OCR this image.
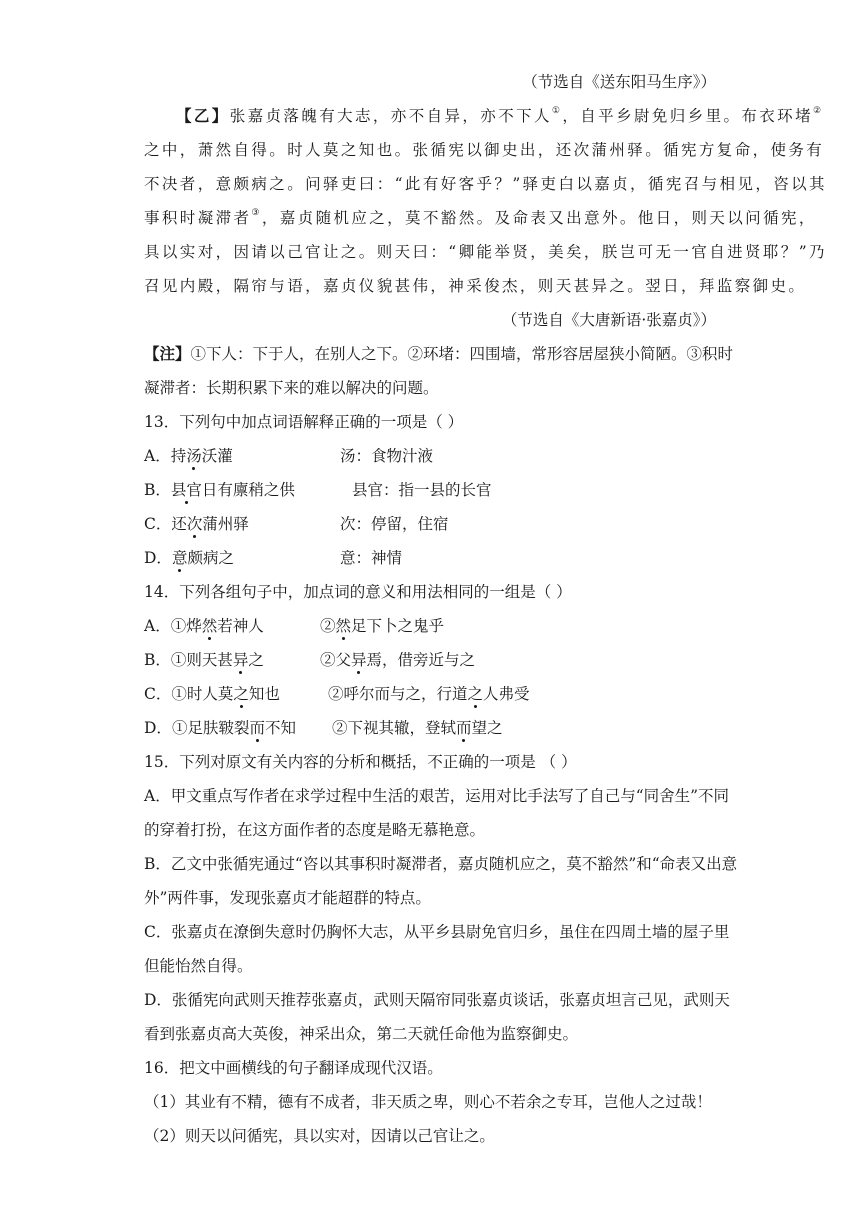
（节选自《送东阳马生序》）
【乙】张嘉贞落魄有大志，亦不自异，亦不下人①，自平乡尉免归乡里。布衣环堵②
之中，萧然自得。时人莫之知也。张循宪以御史出，还次蒲州驿。循宪方复命，使务有
不决者，意颇病之。问驿吏曰：“此有好客乎？”驿吏白以嘉贞，循宪召与相见，咨以其
事积时凝滞者③，嘉贞随机应之，莫不豁然。及命表又出意外。他日，则天以问循宪，
具以实对，因请以己官让之。则天曰：“卿能举贤，美矣，朕岂可无一官自进贤耶？”乃
召见内殿，隔帘与语，嘉贞仪貌甚伟，神采俊杰，则天甚异之。翌日，拜监察御史。
（节选自《大唐新语·张嘉贞》）
【注】①下人：下于人，在别人之下。②环堵：四围墙，常形容居屋狭小简陋。③积时
凝滞者：长期积累下来的难以解决的问题。
13．下列句中加点词语解释正确的一项是（ ）
A．持汤沃灌	汤：食物汁液
B．县官日有廪稍之供	县官：指一县的长官
C．还次蒲州驿	次：停留，住宿
D．意颇病之	意：神情
14．下列各组句子中，加点词的意义和用法相同的一组是（ ）
A．①烨然若神人	②然足下卜之鬼乎
B．①则天甚异之	②父异焉，借旁近与之
C．①时人莫之知也	②呼尔而与之，行道之人弗受
D．①足肤皲裂而不知 ②下视其辙，登轼而望之
15．下列对原文有关内容的分析和概括，不正确的一项是 （ ）
A．甲文重点写作者在求学过程中生活的艰苦，运用对比手法写了自己与“同舍生”不同
的穿着打扮，在这方面作者的态度是略无慕艳意。
B．乙文中张循宪通过“咨以其事积时凝滞者，嘉贞随机应之，莫不豁然”和“命表又出意
外”两件事，发现张嘉贞才能超群的特点。
C．张嘉贞在潦倒失意时仍胸怀大志，从平乡县尉免官归乡，虽住在四周土墙的屋子里
但能怡然自得。
D．张循宪向武则天推荐张嘉贞，武则天隔帘同张嘉贞谈话，张嘉贞坦言己见，武则天
看到张嘉贞高大英俊，神采出众，第二天就任命他为监察御史。
16．把文中画横线的句子翻译成现代汉语。
（1）其业有不精，德有不成者，非天质之卑，则心不若余之专耳，岂他人之过哉！
（2）则天以问循宪，具以实对，因请以己官让之。
